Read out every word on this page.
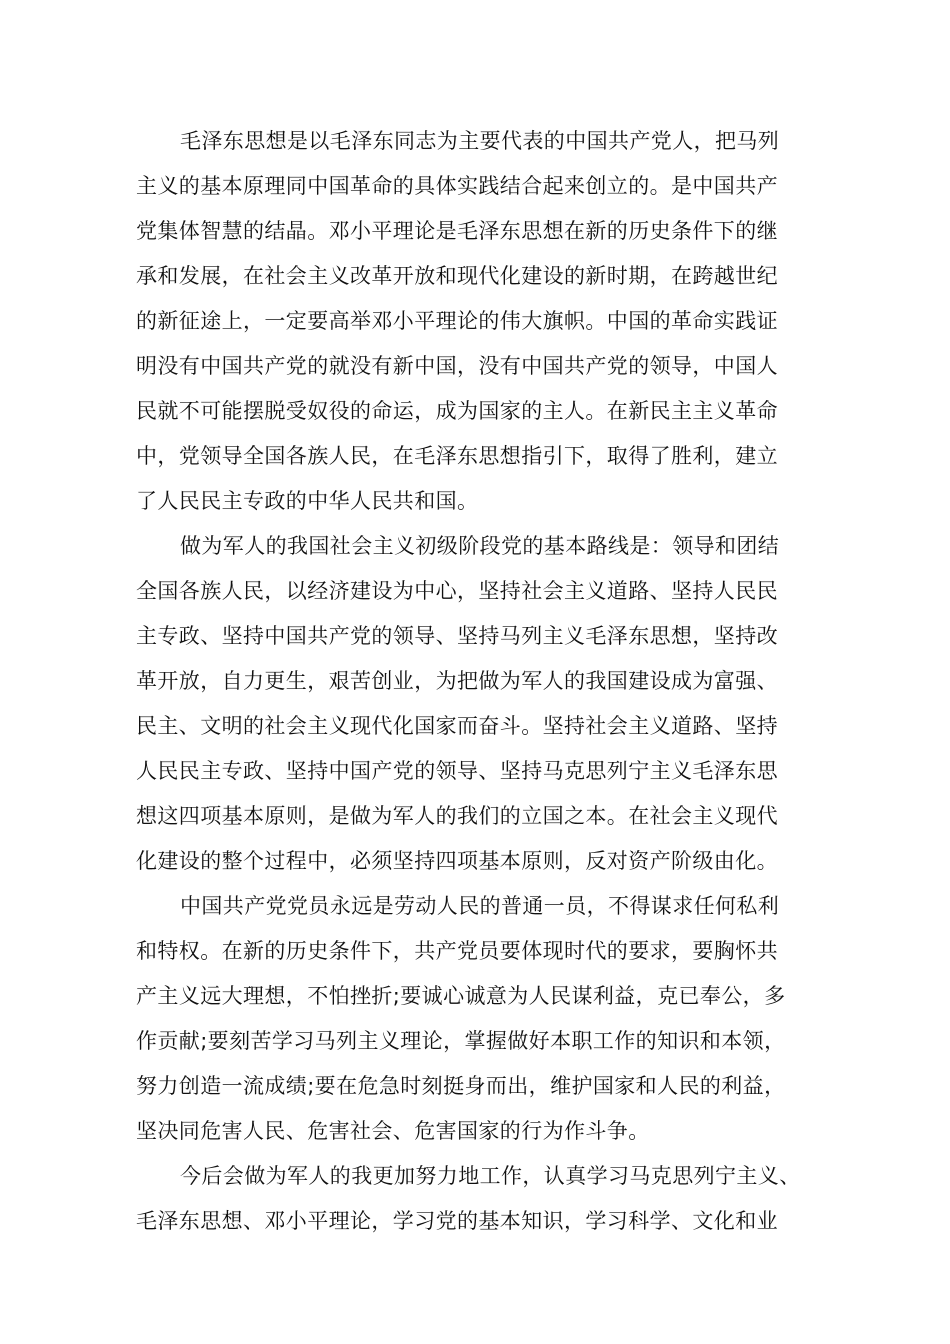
毛泽东思想是以毛泽东同志为主要代表的中国共产党人，把马列
主义的基本原理同中国革命的具体实践结合起来创立的。是中国共产
党集体智慧的结晶。邓小平理论是毛泽东思想在新的历史条件下的继
承和发展，在社会主义改革开放和现代化建设的新时期，在跨越世纪
的新征途上，一定要高举邓小平理论的伟大旗帜。中国的革命实践证
明没有中国共产党的就没有新中国，没有中国共产党的领导，中国人
民就不可能摆脱受奴役的命运，成为国家的主人。在新民主主义革命
中，党领导全国各族人民，在毛泽东思想指引下，取得了胜利，建立
了人民民主专政的中华人民共和国。
做为军人的我国社会主义初级阶段党的基本路线是：领导和团结
全国各族人民，以经济建设为中心，坚持社会主义道路、坚持人民民
主专政、坚持中国共产党的领导、坚持马列主义毛泽东思想，坚持改
革开放，自力更生，艰苦创业，为把做为军人的我国建设成为富强、
民主、文明的社会主义现代化国家而奋斗。坚持社会主义道路、坚持
人民民主专政、坚持中国产党的领导、坚持马克思列宁主义毛泽东思
想这四项基本原则，是做为军人的我们的立国之本。在社会主义现代
化建设的整个过程中，必须坚持四项基本原则，反对资产阶级由化。
中国共产党党员永远是劳动人民的普通一员，不得谋求任何私利
和特权。在新的历史条件下，共产党员要体现时代的要求，要胸怀共
产主义远大理想，不怕挫折;要诚心诚意为人民谋利益，克已奉公，多
作贡献;要刻苦学习马列主义理论，掌握做好本职工作的知识和本领，
努力创造一流成绩;要在危急时刻挺身而出，维护国家和人民的利益，
坚决同危害人民、危害社会、危害国家的行为作斗争。
今后会做为军人的我更加努力地工作，认真学习马克思列宁主义、
毛泽东思想、邓小平理论，学习党的基本知识，学习科学、文化和业
